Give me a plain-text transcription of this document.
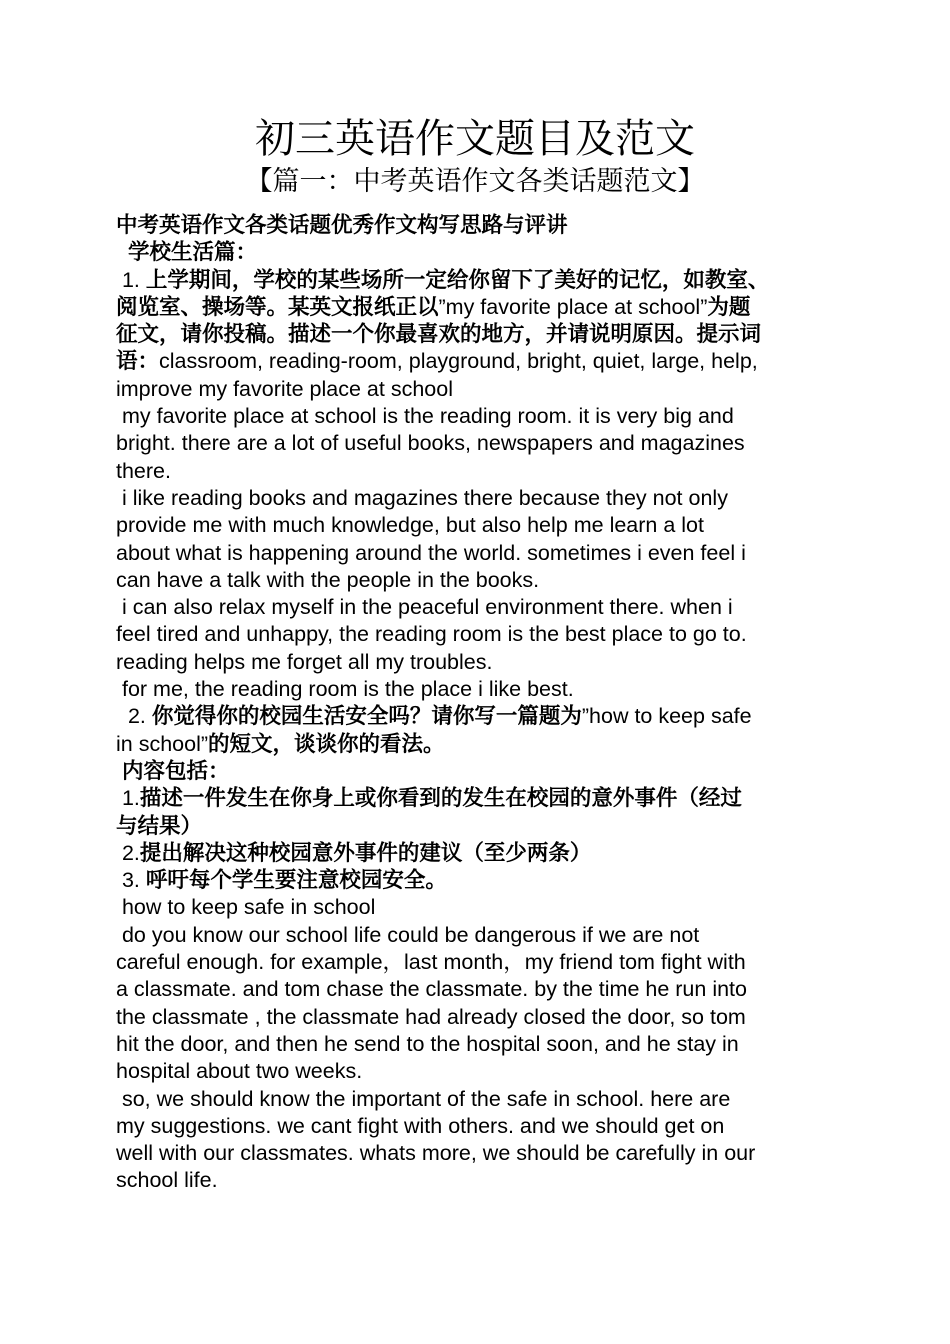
初三英语作文题目及范文
【篇一：中考英语作文各类话题范文】
中考英语作文各类话题优秀作文构写思路与评讲
学校生活篇：
1. 上学期间，学校的某些场所一定给你留下了美好的记忆，如教室、
阅览室、操场等。某英文报纸正以”my favorite place at school”为题
征文，请你投稿。描述一个你最喜欢的地方，并请说明原因。提示词
语：classroom, reading-room, playground, bright, quiet, large, help,
improve my favorite place at school
my favorite place at school is the reading room. it is very big and
bright. there are a lot of useful books, newspapers and magazines
there.
i like reading books and magazines there because they not only
provide me with much knowledge, but also help me learn a lot
about what is happening around the world. sometimes i even feel i
can have a talk with the people in the books.
i can also relax myself in the peaceful environment there. when i
feel tired and unhappy, the reading room is the best place to go to.
reading helps me forget all my troubles.
for me, the reading room is the place i like best.
2. 你觉得你的校园生活安全吗？请你写一篇题为”how to keep safe
in school”的短文，谈谈你的看法。
内容包括：
1.描述一件发生在你身上或你看到的发生在校园的意外事件（经过
与结果）
2.提出解决这种校园意外事件的建议（至少两条）
3. 呼吁每个学生要注意校园安全。
how to keep safe in school
do you know our school life could be dangerous if we are not
careful enough. for example，last month，my friend tom fight with
a classmate. and tom chase the classmate. by the time he run into
the classmate , the classmate had already closed the door, so tom
hit the door, and then he send to the hospital soon, and he stay in
hospital about two weeks.
so, we should know the important of the safe in school. here are
my suggestions. we cant fight with others. and we should get on
well with our classmates. whats more, we should be carefully in our
school life.
